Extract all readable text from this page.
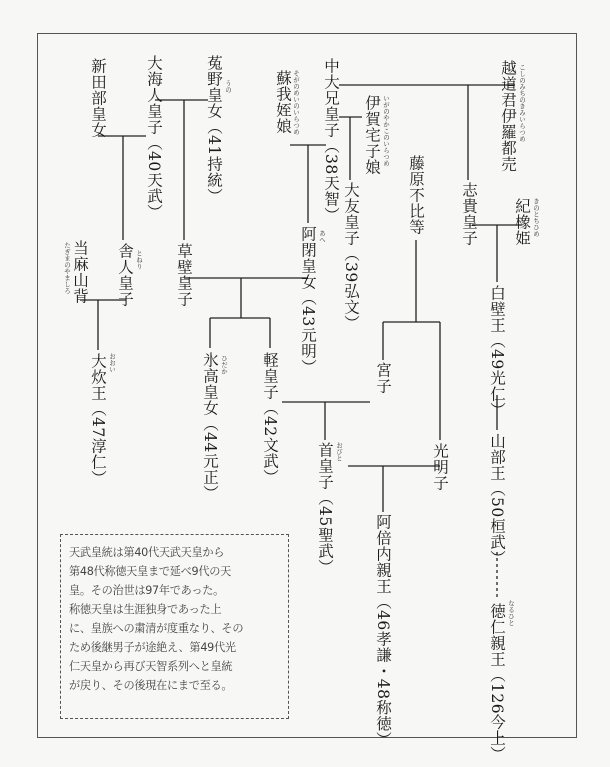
越道君伊羅都売 こしのみちのきみいらつめ
中大兄皇子（38天智） 伊賀宅子娘 いがのやかこのいらつめ
蘇我姪娘 そがのめいのいらつめ
菟野皇女（41持統） うの
大海人皇子（40天武）
新田部皇女
大友皇子（39弘文）	藤原不比等 志貴皇子 紀橡姫 きのとちひめ
舎人皇子 とねり 草壁皇子	阿閉皇女（43元明） あへ
当麻山背
たぎまのやましろ
白壁王（49光仁）
大炊王（47淳仁） おおい	氷高皇女（44元正） ひだか 軽皇子（42文武）	宮子
首皇子（45聖武） おびと	光明子	山部王（50桓武）
阿倍内親王（46孝謙・48称徳）	徳仁親王（126今上） なるひと

天武皇統は第40代天武天皇から

第48代称徳天皇まで延べ9代の天

皇。その治世は97年であった。

称徳天皇は生涯独身であった上

に、皇族への粛清が度重なり、その

ため後継男子が途絶え、第49代光

仁天皇から再び天智系列へと皇統

が戻り、その後現在にまで至る。
